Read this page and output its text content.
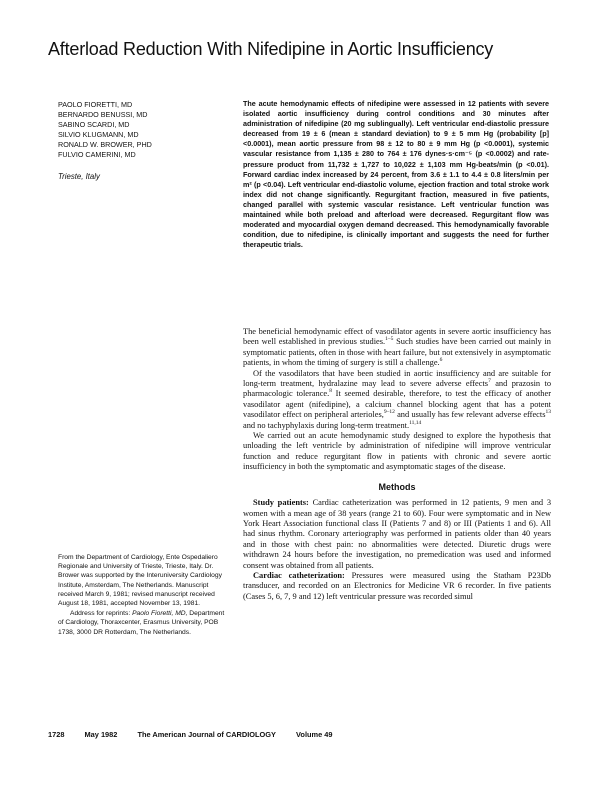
Afterload Reduction With Nifedipine in Aortic Insufficiency
PAOLO FIORETTI, MD
BERNARDO BENUSSI, MD
SABINO SCARDI, MD
SILVIO KLUGMANN, MD
RONALD W. BROWER, PHD
FULVIO CAMERINI, MD
Trieste, Italy
The acute hemodynamic effects of nifedipine were assessed in 12 patients with severe isolated aortic insufficiency during control conditions and 30 minutes after administration of nifedipine (20 mg sublingually). Left ventricular end-diastolic pressure decreased from 19 ± 6 (mean ± standard deviation) to 9 ± 5 mm Hg (probability [p] <0.0001), mean aortic pressure from 98 ± 12 to 80 ± 9 mm Hg (p <0.0001), systemic vascular resistance from 1,135 ± 280 to 764 ± 176 dynes·s·cm⁻⁵ (p <0.0002) and rate-pressure product from 11,732 ± 1,727 to 10,022 ± 1,103 mm Hg-beats/min (p <0.01). Forward cardiac index increased by 24 percent, from 3.6 ± 1.1 to 4.4 ± 0.8 liters/min per m² (p <0.04). Left ventricular end-diastolic volume, ejection fraction and total stroke work index did not change significantly. Regurgitant fraction, measured in five patients, changed parallel with systemic vascular resistance. Left ventricular function was maintained while both preload and afterload were decreased. Regurgitant flow was moderated and myocardial oxygen demand decreased. This hemodynamically favorable condition, due to nifedipine, is clinically important and suggests the need for further therapeutic trials.

The beneficial hemodynamic effect of vasodilator agents in severe aortic insufficiency has been well established in previous studies.$^{1-5}$ Such studies have been carried out mainly in symptomatic patients, often in those with heart failure, but not extensively in asymptomatic patients, in whom the timing of surgery is still a challenge.$^6$

Of the vasodilators that have been studied in aortic insufficiency and are suitable for long-term treatment, hydralazine may lead to severe adverse effects$^7$ and prazosin to pharmacologic tolerance.$^8$ It seemed desirable, therefore, to test the efficacy of another vasodilator agent (nifedipine), a calcium channel blocking agent that has a potent vasodilator effect on peripheral arterioles,$^{9-12}$ and usually has few relevant adverse effects$^{13}$ and no tachyphylaxis during long-term treatment.$^{11,14}$

We carried out an acute hemodynamic study designed to explore the hypothesis that unloading the left ventricle by administration of nifedipine will improve ventricular function and reduce regurgitant flow in patients with chronic and severe aortic insufficiency in both the symptomatic and asymptomatic stages of the disease.

Methods

Study patients: Cardiac catheterization was performed in 12 patients, 9 men and 3 women with a mean age of 38 years (range 21 to 60). Four were symptomatic and in New York Heart Association functional class II (Patients 7 and 8) or III (Patients 1 and 6). All had sinus rhythm. Coronary arteriography was performed in patients older than 40 years and in those with chest pain: no abnormalities were detected. Diuretic drugs were withdrawn 24 hours before the investigation, no premedication was used and informed consent was obtained from all patients.

Cardiac catheterization: Pressures were measured using the Statham P23Db transducer, and recorded on an Electronics for Medicine VR 6 recorder. In five patients (Cases 5, 6, 7, 9 and 12) left ventricular pressure was recorded simul

From the Department of Cardiology, Ente Ospedaliero Regionale and University of Trieste, Trieste, Italy. Dr. Brower was supported by the Interuniversity Cardiology Institute, Amsterdam, The Netherlands. Manuscript received March 9, 1981; revised manuscript received August 18, 1981, accepted November 13, 1981.

Address for reprints: Paolo Fioretti, MD, Department of Cardiology, Thoraxcenter, Erasmus University, POB 1738, 3000 DR Rotterdam, The Netherlands.

1728	May 1982	The American Journal of CARDIOLOGY	Volume 49
